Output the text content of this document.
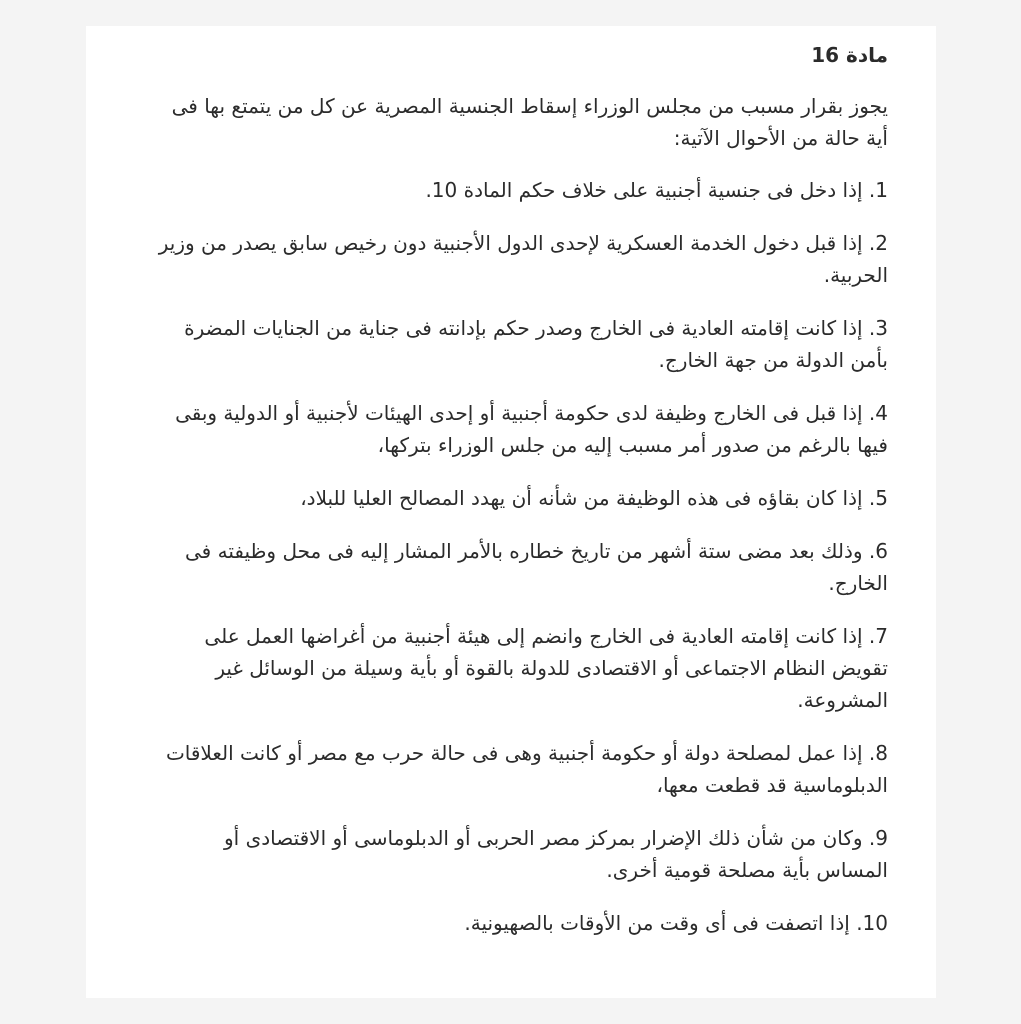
مادة 16

يجوز بقرار مسبب من مجلس الوزراء إسقاط الجنسية المصرية عن كل من يتمتع بها فى أية حالة من الأحوال الآتية:

1. إذا دخل فى جنسية أجنبية على خلاف حكم المادة 10.
2. إذا قبل دخول الخدمة العسكرية لإحدى الدول الأجنبية دون رخيص سابق يصدر من وزير الحربية.
3. إذا كانت إقامته العادية فى الخارج وصدر حكم بإدانته فى جناية من الجنايات المضرة بأمن الدولة من جهة الخارج.
4. إذا قبل فى الخارج وظيفة لدى حكومة أجنبية أو إحدى الهيئات لأجنبية أو الدولية وبقى فيها بالرغم من صدور أمر مسبب إليه من جلس الوزراء بتركها،
5. إذا كان بقاؤه فى هذه الوظيفة من شأنه أن يهدد المصالح العليا للبلاد،
6. وذلك بعد مضى ستة أشهر من تاريخ خطاره بالأمر المشار إليه فى محل وظيفته فى الخارج.
7. إذا كانت إقامته العادية فى الخارج وانضم إلى هيئة أجنبية من أغراضها العمل على تقويض النظام الاجتماعى أو الاقتصادى للدولة بالقوة أو بأية وسيلة من الوسائل غير المشروعة.
8. إذا عمل لمصلحة دولة أو حكومة أجنبية وهى فى حالة حرب مع مصر أو كانت العلاقات الدبلوماسية قد قطعت معها،
9. وكان من شأن ذلك الإضرار بمركز مصر الحربى أو الدبلوماسى أو الاقتصادى أو المساس بأية مصلحة قومية أخرى.
10. إذا اتصفت فى أى وقت من الأوقات بالصهيونية.
